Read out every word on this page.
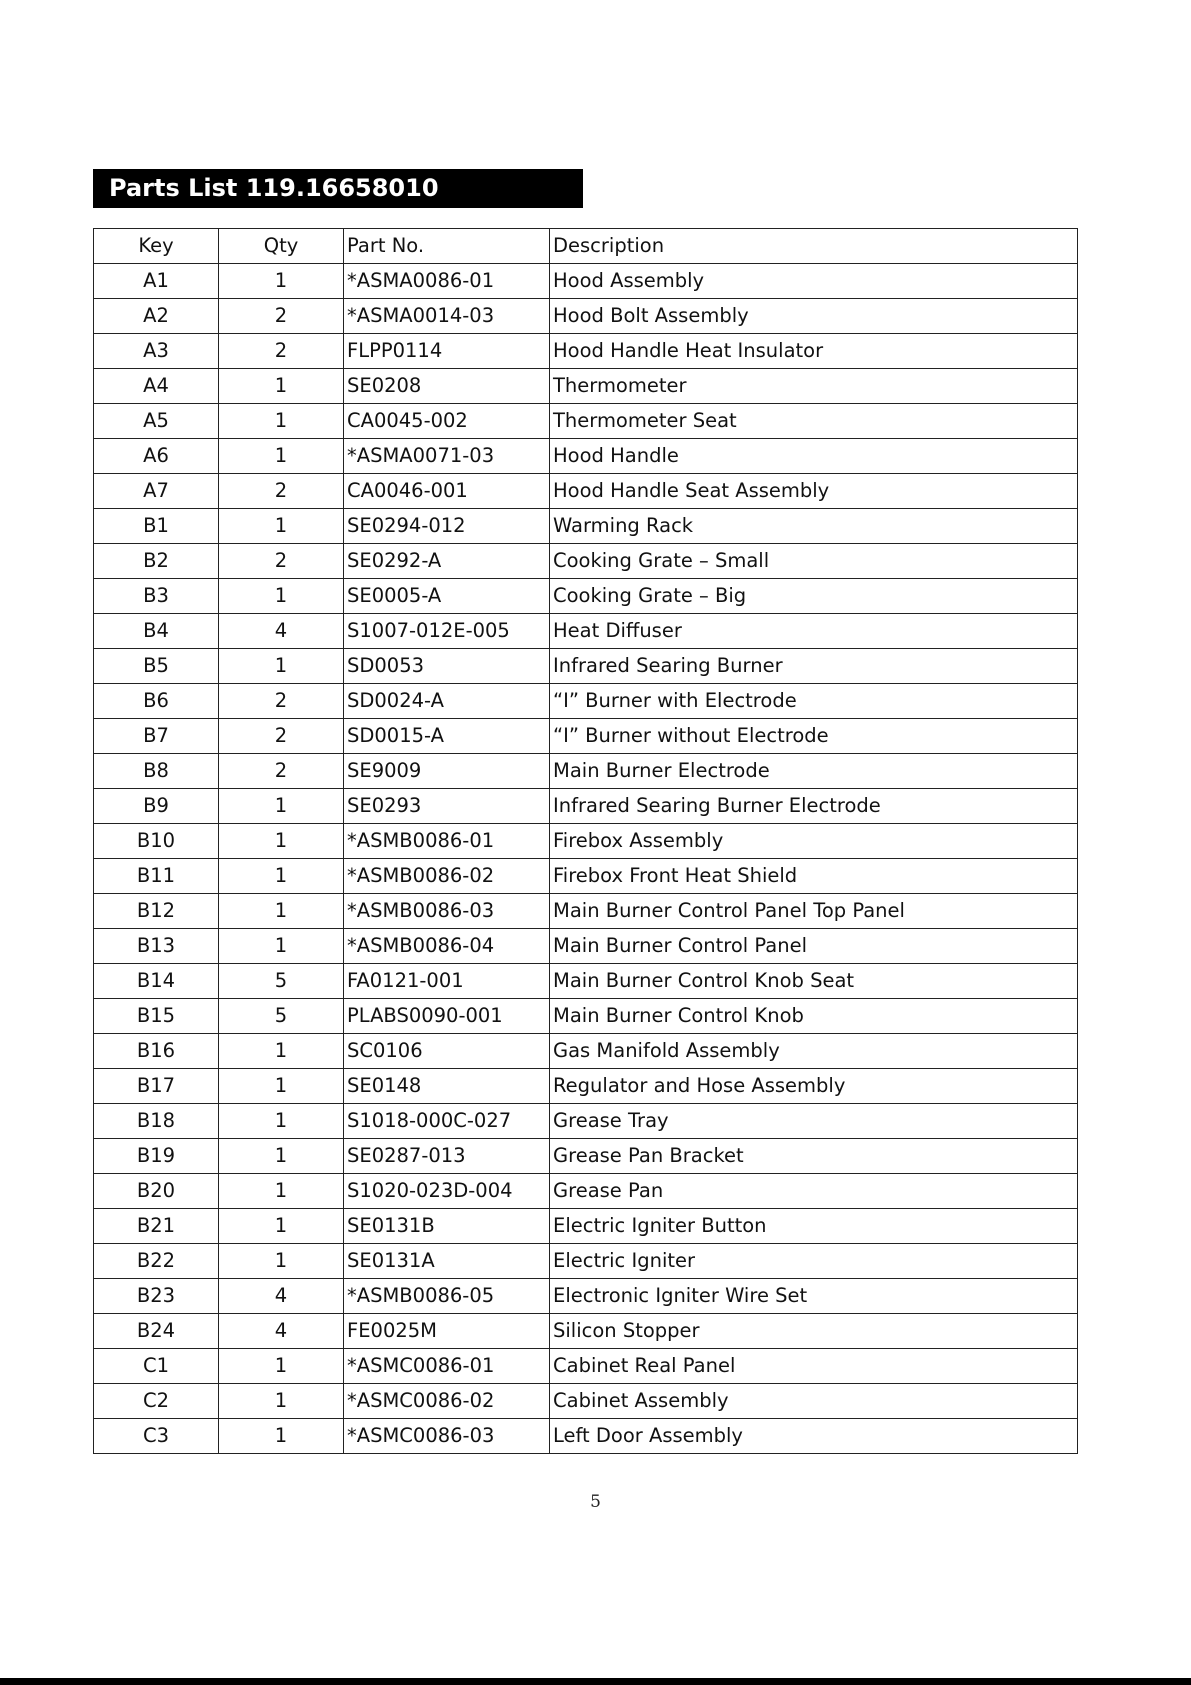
Parts List 119.16658010
Key	Qty	Part No.	Description
A1	1	*ASMA0086-01	Hood Assembly
A2	2	*ASMA0014-03	Hood Bolt Assembly
A3	2	FLPP0114	Hood Handle Heat Insulator
A4	1	SE0208	Thermometer
A5	1	CA0045-002	Thermometer Seat
A6	1	*ASMA0071-03	Hood Handle
A7	2	CA0046-001	Hood Handle Seat Assembly
B1	1	SE0294-012	Warming Rack
B2	2	SE0292-A	Cooking Grate – Small
B3	1	SE0005-A	Cooking Grate – Big
B4	4	S1007-012E-005	Heat Diffuser
B5	1	SD0053	Infrared Searing Burner
B6	2	SD0024-A	“I” Burner with Electrode
B7	2	SD0015-A	“I” Burner without Electrode
B8	2	SE9009	Main Burner Electrode
B9	1	SE0293	Infrared Searing Burner Electrode
B10	1	*ASMB0086-01	Firebox Assembly
B11	1	*ASMB0086-02	Firebox Front Heat Shield
B12	1	*ASMB0086-03	Main Burner Control Panel Top Panel
B13	1	*ASMB0086-04	Main Burner Control Panel
B14	5	FA0121-001	Main Burner Control Knob Seat
B15	5	PLABS0090-001	Main Burner Control Knob
B16	1	SC0106	Gas Manifold Assembly
B17	1	SE0148	Regulator and Hose Assembly
B18	1	S1018-000C-027	Grease Tray
B19	1	SE0287-013	Grease Pan Bracket
B20	1	S1020-023D-004	Grease Pan
B21	1	SE0131B	Electric Igniter Button
B22	1	SE0131A	Electric Igniter
B23	4	*ASMB0086-05	Electronic Igniter Wire Set
B24	4	FE0025M	Silicon Stopper
C1	1	*ASMC0086-01	Cabinet Real Panel
C2	1	*ASMC0086-02	Cabinet Assembly
C3	1	*ASMC0086-03	Left Door Assembly
5
